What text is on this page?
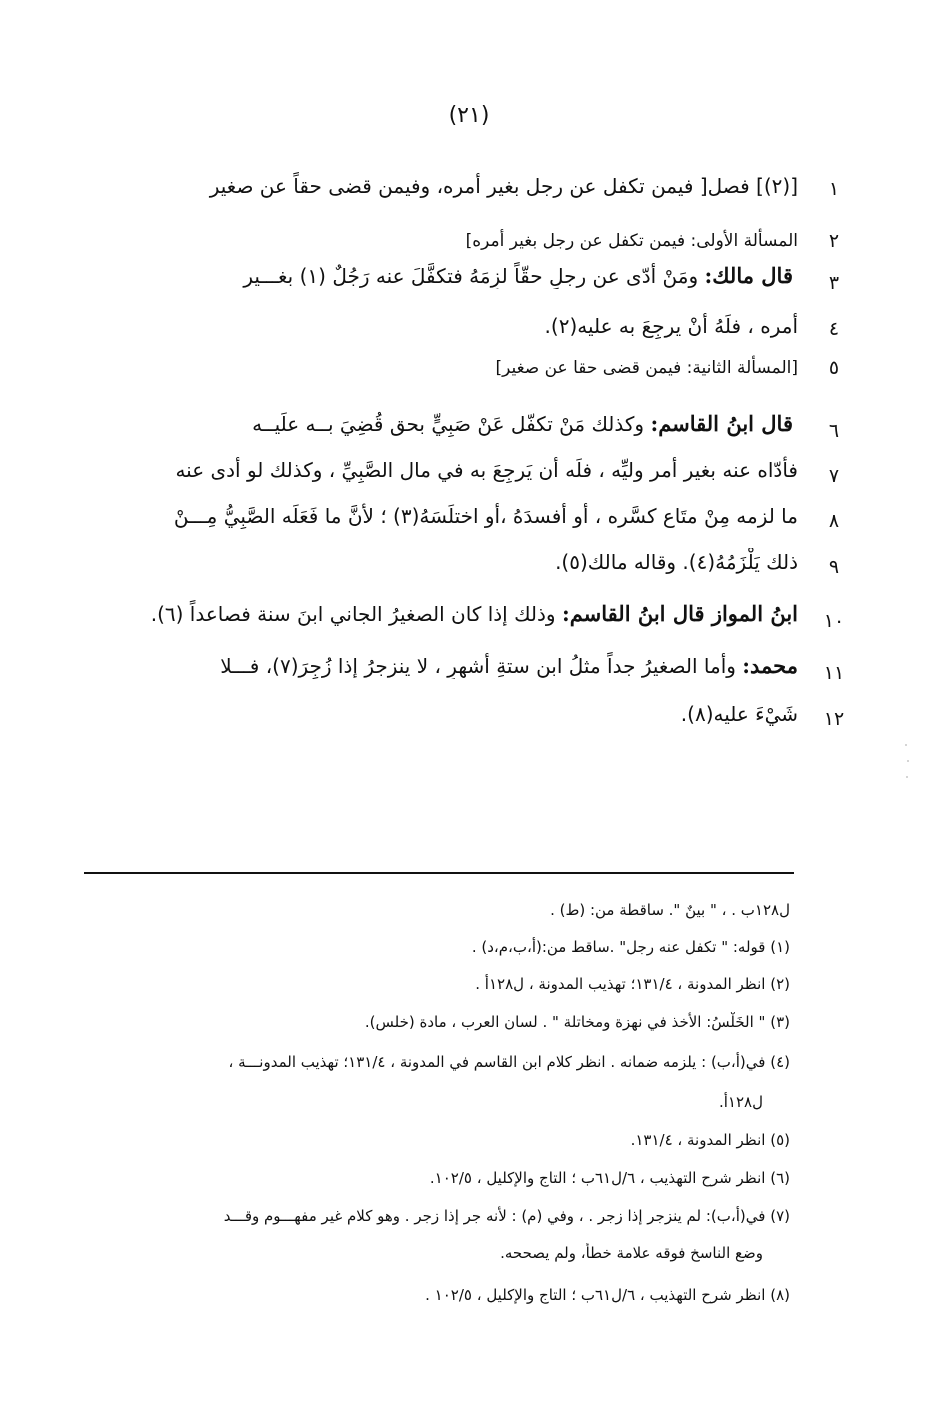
(٢١)
١
[(٢)] فصل[ فيمن تكفل عن رجل بغير أمره، وفيمن قضى حقاً عن صغير
٢
المسألة الأولى: فيمن تكفل عن رجل بغير أمره]
٣
قال مالك: ومَنْ أدّى عن رجلٍ حقّاً لزِمَهُ فتكفَّلَ عنه رَجُلٌ (١) بغـــير
٤
أمره ، فلَهُ أنْ يرجِعَ به عليه(٢).
٥
[المسألة الثانية: فيمن قضى حقا عن صغير]
٦
قال ابنُ القاسم: وكذلك مَنْ تكفّل عَنْ صَبِيٍّ بحقٍ قُضِيَ بــه علَيــه
٧
فأدّاه عنه بغير أمر وليِّه ، فلَه أن يَرجِعَ به في مال الصَّبِيِّ ، وكذلك لو أدى عنه
٨
ما لزمه مِنْ متَاعٍ كسَّره ، أو أفسدَهُ ،أو اختلَسَهُ(٣) ؛ لأنَّ ما فَعَلَه الصَّبِيُّ مِـــنْ
٩
ذلك يَلْزَمُهُ(٤). وقاله مالك(٥).
١٠
ابنُ المواز قال ابنُ القاسم: وذلك إذا كان الصغيرُ الجاني ابنَ سنة فصاعداً (٦).
١١
محمد: وأما الصغيرُ جداً مثلُ ابنِ ستةِ أشهرٍ ، لا ينزجرُ إذا زُجِرَ(٧)، فـــلا
١٢
شَيْءَ عليه(٨).
ل١٢٨ب . ، " بينٌ ". ساقطة من: (ط) .
(١) قوله: " تكفل عنه رجل" .ساقط من:(أ،ب،م،د) .
(٢) انظر المدونة ، ١٣١/٤؛ تهذيب المدونة ، ل١٢٨أ .
(٣) " الخَلْسُ: الأخذ في نهزة ومخاتلة " . لسان العرب ، مادة (خلس).
(٤) في(أ،ب) : يلزمه ضمانه . انظر كلام ابن القاسم في المدونة ، ١٣١/٤؛ تهذيب المدونـــة ،
ل١٢٨أ.
(٥) انظر المدونة ، ١٣١/٤.
(٦) انظر شرح التهذيب ، ٦/ل٦١ب ؛ التاج والإكليل ، ١٠٢/٥.
(٧) في(أ،ب): لم ينزجر إذا زجر . ، وفي (م) : لأنه جر إذا زجر . وهو كلام غير مفهـــوم وقـــد
وضع الناسخ فوقه علامة خطأ، ولم يصححه.
(٨) انظر شرح التهذيب ، ٦/ل٦١ب ؛ التاج والإكليل ، ١٠٢/٥ .
